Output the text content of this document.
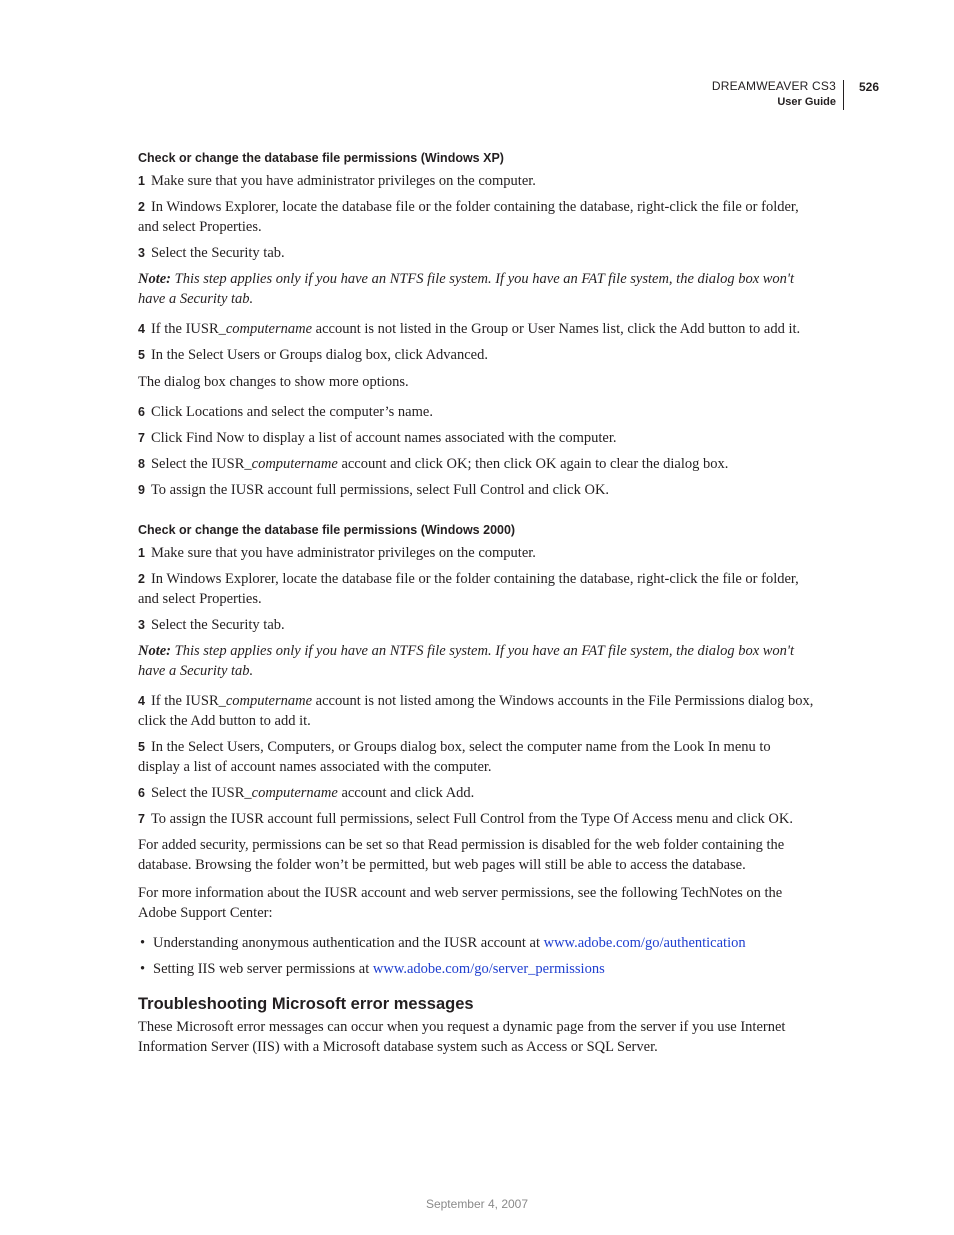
DREAMWEAVER CS3
User Guide
526
Check or change the database file permissions (Windows XP)
1 Make sure that you have administrator privileges on the computer.
2 In Windows Explorer, locate the database file or the folder containing the database, right-click the file or folder, and select Properties.
3 Select the Security tab.
Note: This step applies only if you have an NTFS file system. If you have an FAT file system, the dialog box won't have a Security tab.
4 If the IUSR_computername account is not listed in the Group or User Names list, click the Add button to add it.
5 In the Select Users or Groups dialog box, click Advanced.
The dialog box changes to show more options.
6 Click Locations and select the computer’s name.
7 Click Find Now to display a list of account names associated with the computer.
8 Select the IUSR_computername account and click OK; then click OK again to clear the dialog box.
9 To assign the IUSR account full permissions, select Full Control and click OK.
Check or change the database file permissions (Windows 2000)
1 Make sure that you have administrator privileges on the computer.
2 In Windows Explorer, locate the database file or the folder containing the database, right-click the file or folder, and select Properties.
3 Select the Security tab.
Note: This step applies only if you have an NTFS file system. If you have an FAT file system, the dialog box won't have a Security tab.
4 If the IUSR_computername account is not listed among the Windows accounts in the File Permissions dialog box, click the Add button to add it.
5 In the Select Users, Computers, or Groups dialog box, select the computer name from the Look In menu to display a list of account names associated with the computer.
6 Select the IUSR_computername account and click Add.
7 To assign the IUSR account full permissions, select Full Control from the Type Of Access menu and click OK.
For added security, permissions can be set so that Read permission is disabled for the web folder containing the database. Browsing the folder won’t be permitted, but web pages will still be able to access the database.
For more information about the IUSR account and web server permissions, see the following TechNotes on the Adobe Support Center:
• Understanding anonymous authentication and the IUSR account at www.adobe.com/go/authentication
• Setting IIS web server permissions at www.adobe.com/go/server_permissions
Troubleshooting Microsoft error messages
These Microsoft error messages can occur when you request a dynamic page from the server if you use Internet Information Server (IIS) with a Microsoft database system such as Access or SQL Server.
September 4, 2007
